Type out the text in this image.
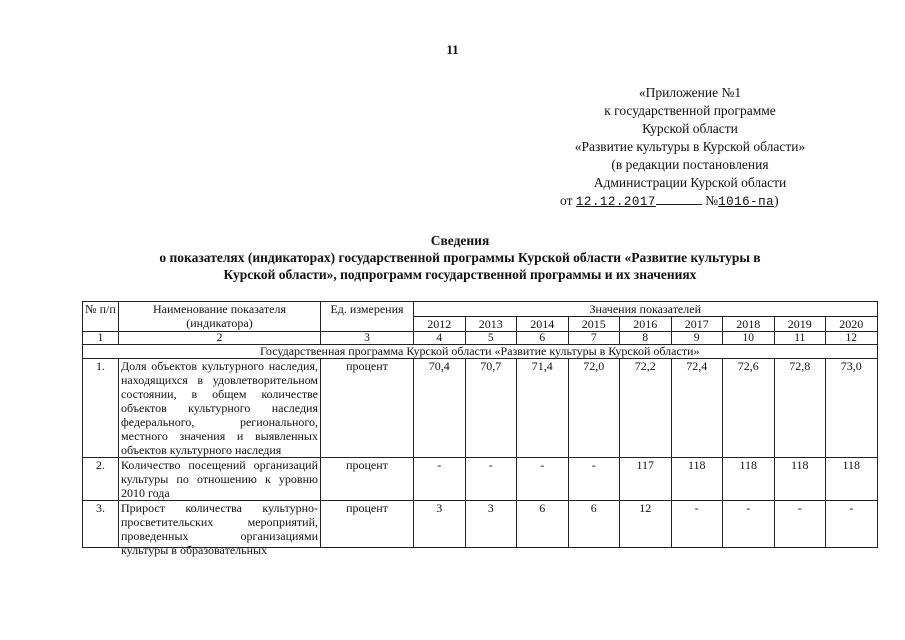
11
«Приложение №1
к государственной программе
Курской области
«Развитие культуры в Курской области»
(в редакции постановления
Администрации Курской области
от 12.12.2017	№1016-па)
Сведения
о показателях (индикаторах) государственной программы Курской области «Развитие культуры в
Курской области», подпрограмм государственной программы и их значениях
№ п/п	Наименование показателя (индикатора)	Ед. измерения	Значения показателей								
			2012	2013	2014	2015	2016	2017	2018	2019	2020
1	2	3	4	5	6	7	8	9	10	11	12
Государственная программа Курской области «Развитие культуры в Курской области»											
1.	Доля объектов культурного наследия, находящихся в удовлетворительном состоянии, в общем количестве объектов культурного наследия федерального, регионального, местного значения и выявленных объектов культурного наследия	процент	70,4	70,7	71,4	72,0	72,2	72,4	72,6	72,8	73,0
2.	Количество посещений организаций культуры по отношению к уровню 2010 года	процент	-	-	-	-	117	118	118	118	118
3.	Прирост количества культурно-просветительских мероприятий, проведенных организациями культуры в образовательных	процент	3	3	6	6	12	-	-	-	-
